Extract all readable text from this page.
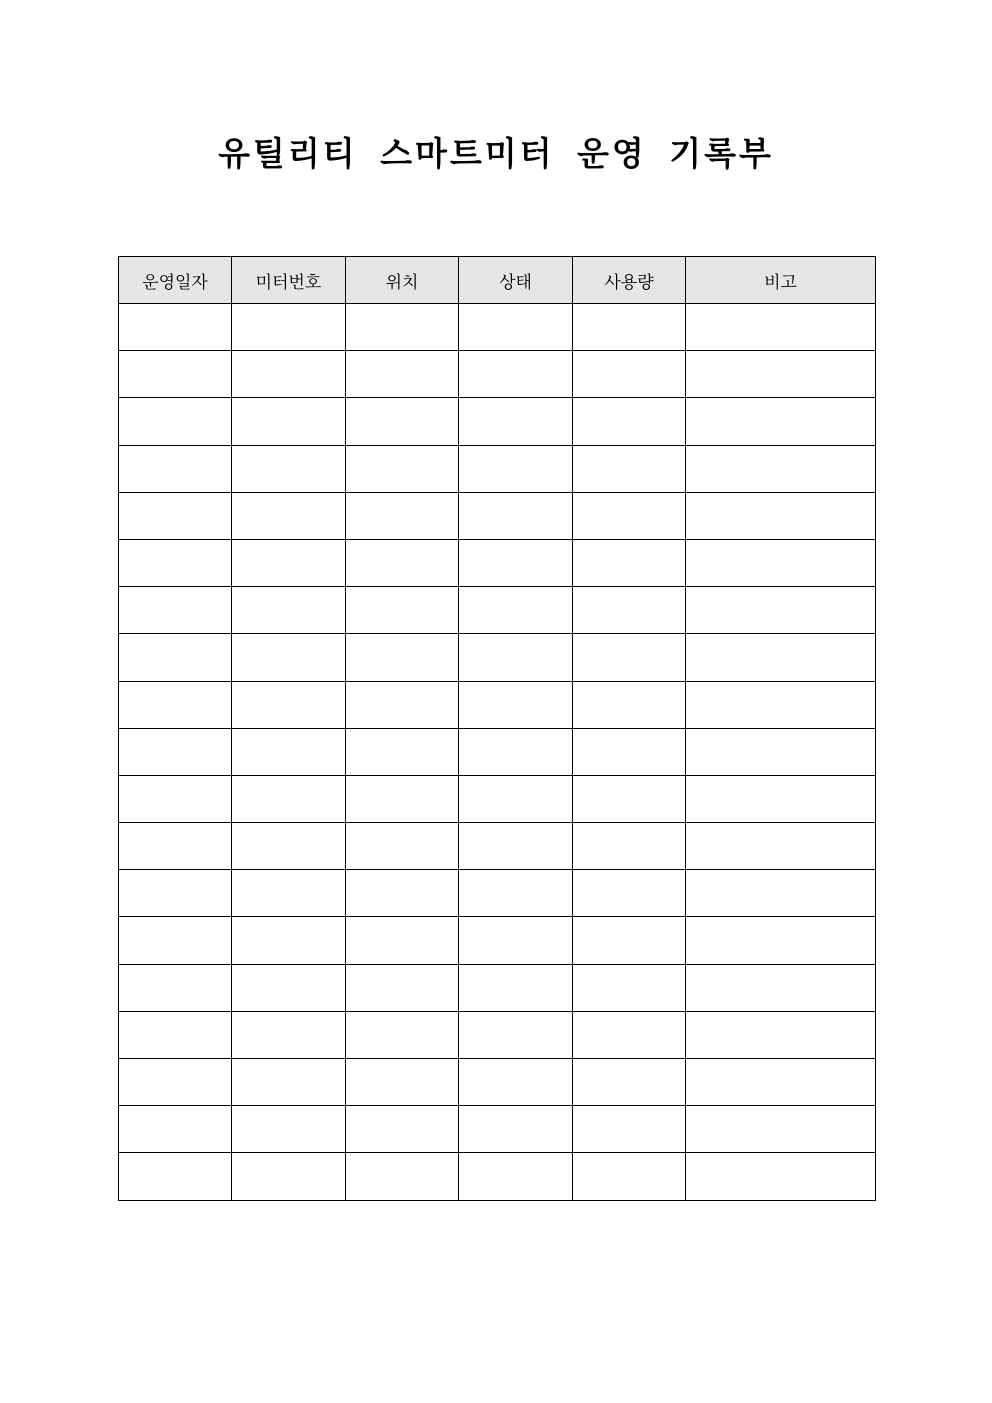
유틸리티 스마트미터 운영 기록부
운영일자	미터번호	위치	상태	사용량	비고
